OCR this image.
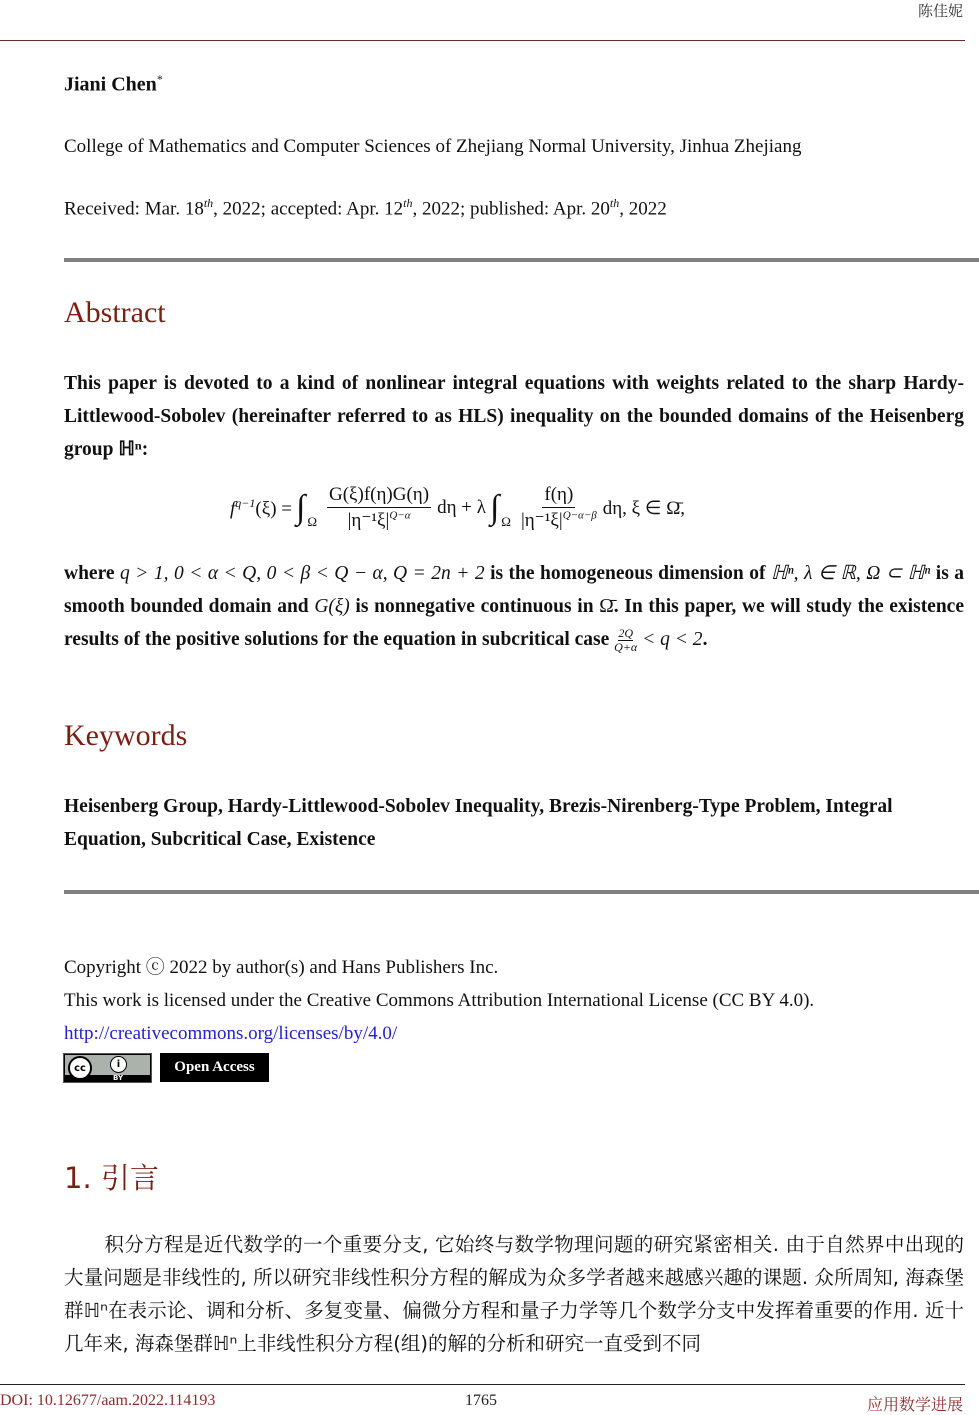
陈佳妮
Jiani Chen*
College of Mathematics and Computer Sciences of Zhejiang Normal University, Jinhua Zhejiang
Received: Mar. 18th, 2022; accepted: Apr. 12th, 2022; published: Apr. 20th, 2022
Abstract
This paper is devoted to a kind of nonlinear integral equations with weights related to the sharp Hardy-Littlewood-Sobolev (hereinafter referred to as HLS) inequality on the bounded domains of the Heisenberg group ℍⁿ:
$f^{q-1}(\xi)$ = ∫ Ω $\frac{G(\xi)f(\eta)G(\eta)}{|\eta^{-1}\xi|^{Q-\alpha}}$ dη + λ ∫ Ω $\frac{f(\eta)}{|\eta^{-1}\xi|^{Q-\alpha-\beta}} d\eta$, ξ ∈ Ω̄,
where q > 1, 0 < α < Q, 0 < β < Q − α, Q = 2n + 2 is the homogeneous dimension of ℍⁿ, λ ∈ ℝ, Ω ⊂ ℍⁿ is a smooth bounded domain and G(ξ) is nonnegative continuous in Ω̄. In this paper, we will study the existence results of the positive solutions for the equation in subcritical case $\frac{2Q}{Q+\alpha} < q < 2$.
Keywords
Heisenberg Group, Hardy-Littlewood-Sobolev Inequality, Brezis-Nirenberg-Type Problem, Integral Equation, Subcritical Case, Existence
Copyright ⓒ 2022 by author(s) and Hans Publishers Inc.
This work is licensed under the Creative Commons Attribution International License (CC BY 4.0).
http://creativecommons.org/licenses/by/4.0/
cc	i
BY
Open Access
1. 引言
积分方程是近代数学的一个重要分支, 它始终与数学物理问题的研究紧密相关. 由于自然界中出现的大量问题是非线性的, 所以研究非线性积分方程的解成为众多学者越来越感兴趣的课题. 众所周知, 海森堡群ℍⁿ在表示论、调和分析、多复变量、偏微分方程和量子力学等几个数学分支中发挥着重要的作用. 近十几年来, 海森堡群ℍⁿ上非线性积分方程(组)的解的分析和研究一直受到不同
DOI: 10.12677/aam.2022.114193	1765	应用数学进展
